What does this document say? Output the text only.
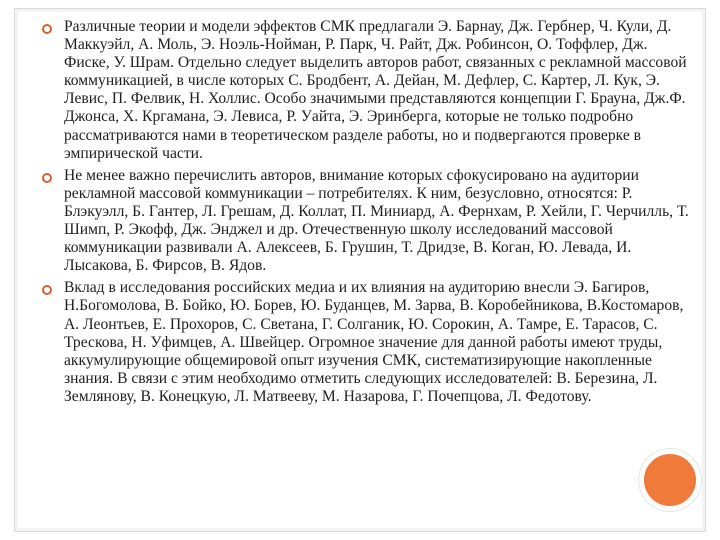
Различные теории и модели эффектов СМК предлагали Э. Барнау, Дж. Гербнер, Ч. Кули, Д. Маккуэйл, А. Моль, Э. Ноэль-Нойман, Р. Парк, Ч. Райт, Дж. Робинсон, О. Тоффлер, Дж. Фиске, У. Шрам. Отдельно следует выделить авторов работ, связанных с рекламной массовой коммуникацией, в числе которых С. Бродбент, А. Дейан, М. Дефлер, С. Картер, Л. Кук, Э. Левис, П. Фелвик, Н. Холлис. Особо значимыми представляются концепции Г. Брауна, Дж.Ф. Джонса, Х. Кргамана, Э. Левиса, Р. Уайта, Э. Эринберга, которые не только подробно рассматриваются нами в теоретическом разделе работы, но и подвергаются проверке в эмпирической части.
Не менее важно перечислить авторов, внимание которых сфокусировано на аудитории рекламной массовой коммуникации – потребителях. К ним, безусловно, относятся: Р. Блэкуэлл, Б. Гантер, Л. Грешам, Д. Коллат, П. Миниард, А. Фернхам, Р. Хейли, Г. Черчилль, Т. Шимп, Р. Экофф, Дж. Энджел и др. Отечественную школу исследований массовой коммуникации развивали А. Алексеев, Б. Грушин, Т. Дридзе, В. Коган, Ю. Левада, И. Лысакова, Б. Фирсов, В. Ядов.
Вклад в исследования российских медиа и их влияния на аудиторию внесли Э. Багиров, Н.Богомолова, В. Бойко, Ю. Борев, Ю. Буданцев, М. Зарва, В. Коробейникова, В.Костомаров, А. Леонтьев, Е. Прохоров, С. Светана, Г. Солганик, Ю. Сорокин, А. Тамре, Е. Тарасов, С. Трескова, Н. Уфимцев, А. Швейцер. Огромное значение для данной работы имеют труды, аккумулирующие общемировой опыт изучения СМК, систематизирующие накопленные знания. В связи с этим необходимо отметить следующих исследователей: В. Березина, Л. Землянову, В. Конецкую, Л. Матвееву, М. Назарова, Г. Почепцова, Л. Федотову.
